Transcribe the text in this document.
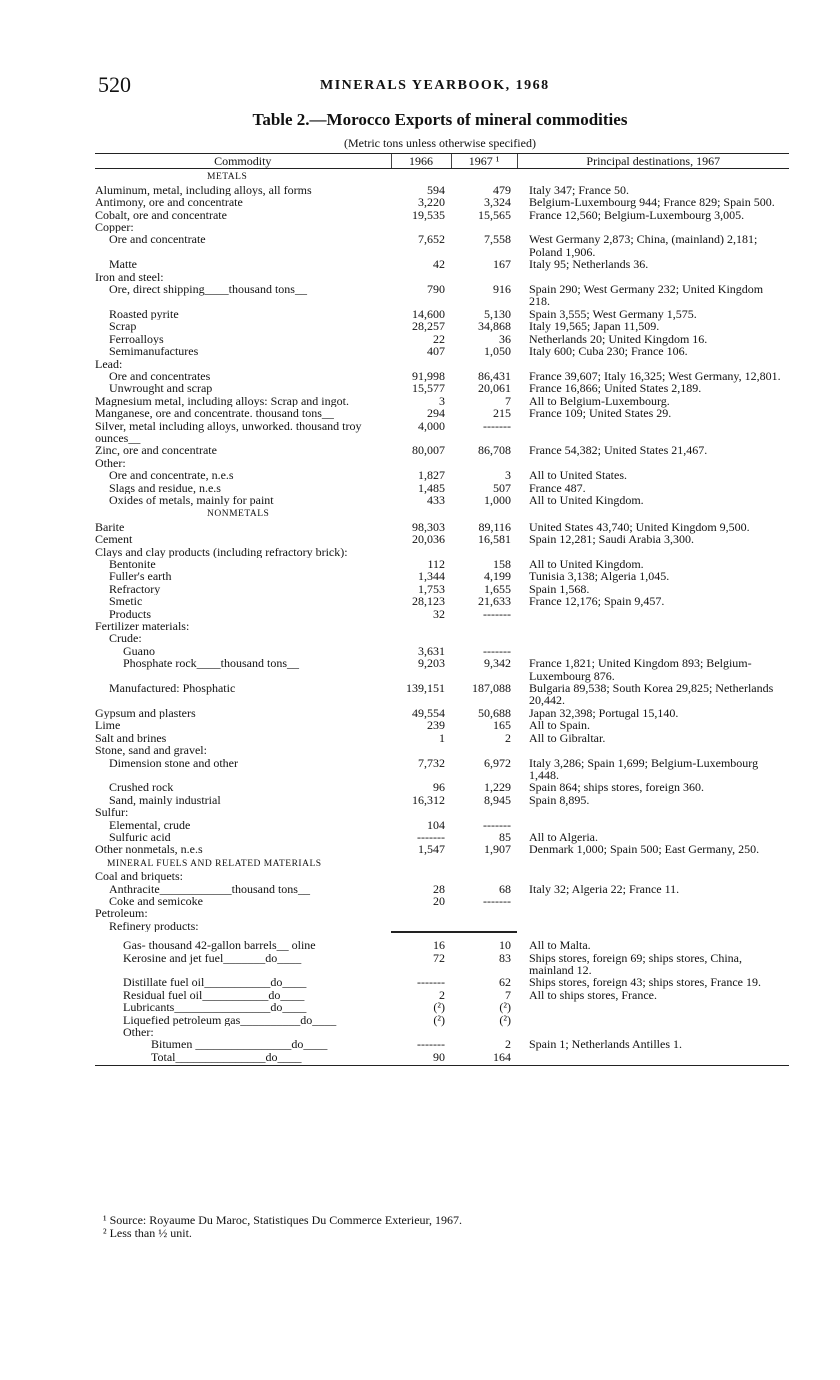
520	MINERALS YEARBOOK, 1968
Table 2.—Morocco Exports of mineral commodities
(Metric tons unless otherwise specified)
Commodity	1966	1967 ¹	Principal destinations, 1967
METALS			
Aluminum, metal, including alloys, all forms	594	479	Italy 347; France 50.
Antimony, ore and concentrate	3,220	3,324	Belgium-Luxembourg 944; France 829; Spain 500.
Cobalt, ore and concentrate	19,535	15,565	France 12,560; Belgium-Luxembourg 3,005.
Copper:			
Ore and concentrate	7,652	7,558	West Germany 2,873; China, (mainland) 2,181; Poland 1,906.
Matte	42	167	Italy 95; Netherlands 36.
Iron and steel:			
Ore, direct shipping____thousand tons__	790	916	Spain 290; West Germany 232; United Kingdom 218.
Roasted pyrite	14,600	5,130	Spain 3,555; West Germany 1,575.
Scrap	28,257	34,868	Italy 19,565; Japan 11,509.
Ferroalloys	22	36	Netherlands 20; United Kingdom 16.
Semimanufactures	407	1,050	Italy 600; Cuba 230; France 106.
Lead:			
Ore and concentrates	91,998	86,431	France 39,607; Italy 16,325; West Germany, 12,801.
Unwrought and scrap	15,577	20,061	France 16,866; United States 2,189.
Magnesium metal, including alloys: Scrap and ingot.	3	7	All to Belgium-Luxembourg.
Manganese, ore and concentrate. thousand tons__	294	215	France 109; United States 29.
Silver, metal including alloys, unworked. thousand troy ounces__	4,000	-------	
Zinc, ore and concentrate	80,007	86,708	France 54,382; United States 21,467.
Other:			
Ore and concentrate, n.e.s	1,827	3	All to United States.
Slags and residue, n.e.s	1,485	507	France 487.
Oxides of metals, mainly for paint	433	1,000	All to United Kingdom.
NONMETALS			
Barite	98,303	89,116	United States 43,740; United Kingdom 9,500.
Cement	20,036	16,581	Spain 12,281; Saudi Arabia 3,300.
Clays and clay products (including refractory brick):			
Bentonite	112	158	All to United Kingdom.
Fuller's earth	1,344	4,199	Tunisia 3,138; Algeria 1,045.
Refractory	1,753	1,655	Spain 1,568.
Smetic	28,123	21,633	France 12,176; Spain 9,457.
Products	32	-------	
Fertilizer materials:			
Crude:			
Guano	3,631	-------	
Phosphate rock____thousand tons__	9,203	9,342	France 1,821; United Kingdom 893; Belgium-Luxembourg 876.
Manufactured: Phosphatic	139,151	187,088	Bulgaria 89,538; South Korea 29,825; Netherlands 20,442.
Gypsum and plasters	49,554	50,688	Japan 32,398; Portugal 15,140.
Lime	239	165	All to Spain.
Salt and brines	1	2	All to Gibraltar.
Stone, sand and gravel:			
Dimension stone and other	7,732	6,972	Italy 3,286; Spain 1,699; Belgium-Luxembourg 1,448.
Crushed rock	96	1,229	Spain 864; ships stores, foreign 360.
Sand, mainly industrial	16,312	8,945	Spain 8,895.
Sulfur:			
Elemental, crude	104	-------	
Sulfuric acid	-------	85	All to Algeria.
Other nonmetals, n.e.s	1,547	1,907	Denmark 1,000; Spain 500; East Germany, 250.
MINERAL FUELS AND RELATED MATERIALS			
Coal and briquets:			
Anthracite____________thousand tons__	28	68	Italy 32; Algeria 22; France 11.
Coke and semicoke	20	-------	
Petroleum:			
Refinery products:			

Gas- thousand 42-gallon barrels__ oline	16	10	All to Malta.
Kerosine and jet fuel_______do____	72	83	Ships stores, foreign 69; ships stores, China, mainland 12.
Distillate fuel oil___________do____	-------	62	Ships stores, foreign 43; ships stores, France 19.
Residual fuel oil___________do____	2	7	All to ships stores, France.
Lubricants________________do____	(²)	(²)	
Liquefied petroleum gas__________do____	(²)	(²)	
Other:			
Bitumen ________________do____	-------	2	Spain 1; Netherlands Antilles 1.
Total_______________do____	90	164	
¹ Source: Royaume Du Maroc, Statistiques Du Commerce Exterieur, 1967.
² Less than ½ unit.
